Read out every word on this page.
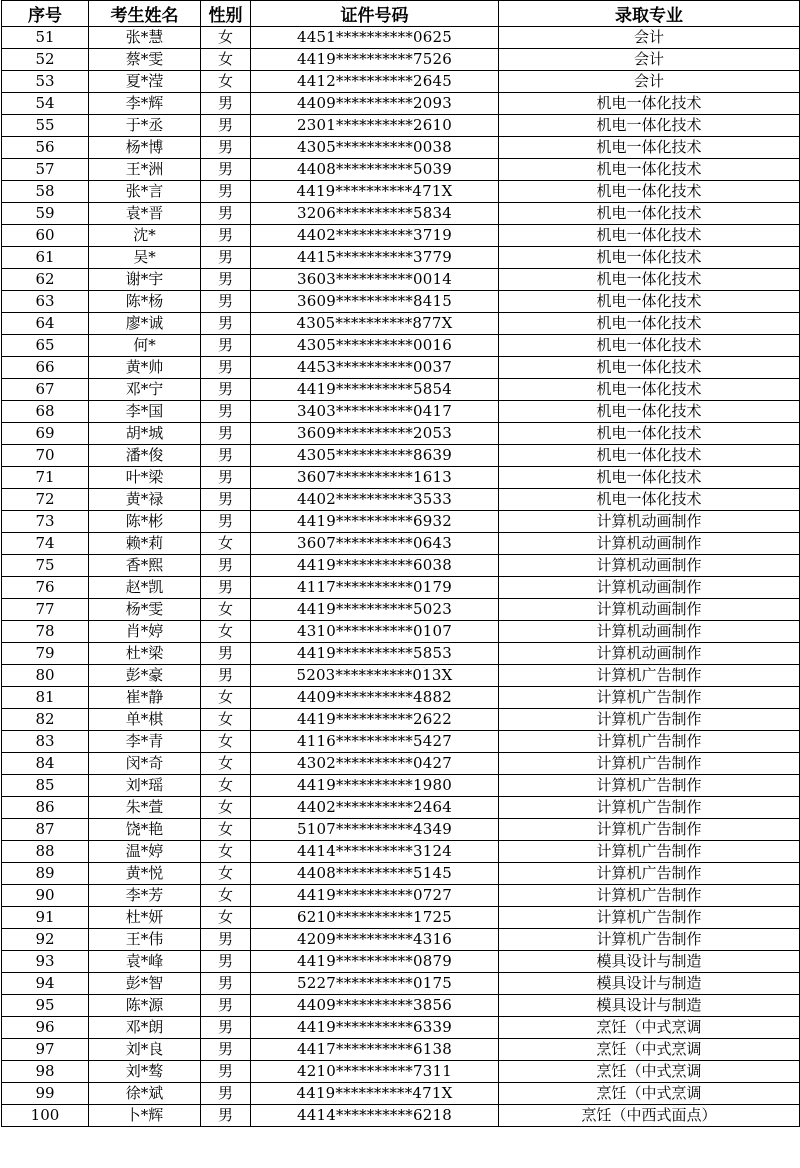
序号	考生姓名	性别	证件号码	录取专业
51	张*慧	女	4451**********0625	会计
52	蔡*雯	女	4419**********7526	会计
53	夏*滢	女	4412**********2645	会计
54	李*辉	男	4409**********2093	机电一体化技术
55	于*丞	男	2301**********2610	机电一体化技术
56	杨*博	男	4305**********0038	机电一体化技术
57	王*洲	男	4408**********5039	机电一体化技术
58	张*言	男	4419**********471X	机电一体化技术
59	袁*晋	男	3206**********5834	机电一体化技术
60	沈*	男	4402**********3719	机电一体化技术
61	吴*	男	4415**********3779	机电一体化技术
62	谢*宇	男	3603**********0014	机电一体化技术
63	陈*杨	男	3609**********8415	机电一体化技术
64	廖*诚	男	4305**********877X	机电一体化技术
65	何*	男	4305**********0016	机电一体化技术
66	黄*帅	男	4453**********0037	机电一体化技术
67	邓*宁	男	4419**********5854	机电一体化技术
68	李*国	男	3403**********0417	机电一体化技术
69	胡*城	男	3609**********2053	机电一体化技术
70	潘*俊	男	4305**********8639	机电一体化技术
71	叶*梁	男	3607**********1613	机电一体化技术
72	黄*禄	男	4402**********3533	机电一体化技术
73	陈*彬	男	4419**********6932	计算机动画制作
74	赖*莉	女	3607**********0643	计算机动画制作
75	香*熙	男	4419**********6038	计算机动画制作
76	赵*凯	男	4117**********0179	计算机动画制作
77	杨*雯	女	4419**********5023	计算机动画制作
78	肖*婷	女	4310**********0107	计算机动画制作
79	杜*梁	男	4419**********5853	计算机动画制作
80	彭*豪	男	5203**********013X	计算机广告制作
81	崔*静	女	4409**********4882	计算机广告制作
82	单*棋	女	4419**********2622	计算机广告制作
83	李*青	女	4116**********5427	计算机广告制作
84	闵*奇	女	4302**********0427	计算机广告制作
85	刘*瑶	女	4419**********1980	计算机广告制作
86	朱*萱	女	4402**********2464	计算机广告制作
87	饶*艳	女	5107**********4349	计算机广告制作
88	温*婷	女	4414**********3124	计算机广告制作
89	黄*悦	女	4408**********5145	计算机广告制作
90	李*芳	女	4419**********0727	计算机广告制作
91	杜*妍	女	6210**********1725	计算机广告制作
92	王*伟	男	4209**********4316	计算机广告制作
93	袁*峰	男	4419**********0879	模具设计与制造
94	彭*智	男	5227**********0175	模具设计与制造
95	陈*源	男	4409**********3856	模具设计与制造
96	邓*朗	男	4419**********6339	烹饪（中式烹调
97	刘*良	男	4417**********6138	烹饪（中式烹调
98	刘*骜	男	4210**********7311	烹饪（中式烹调
99	徐*斌	男	4419**********471X	烹饪（中式烹调
100	卜*辉	男	4414**********6218	烹饪（中西式面点）
